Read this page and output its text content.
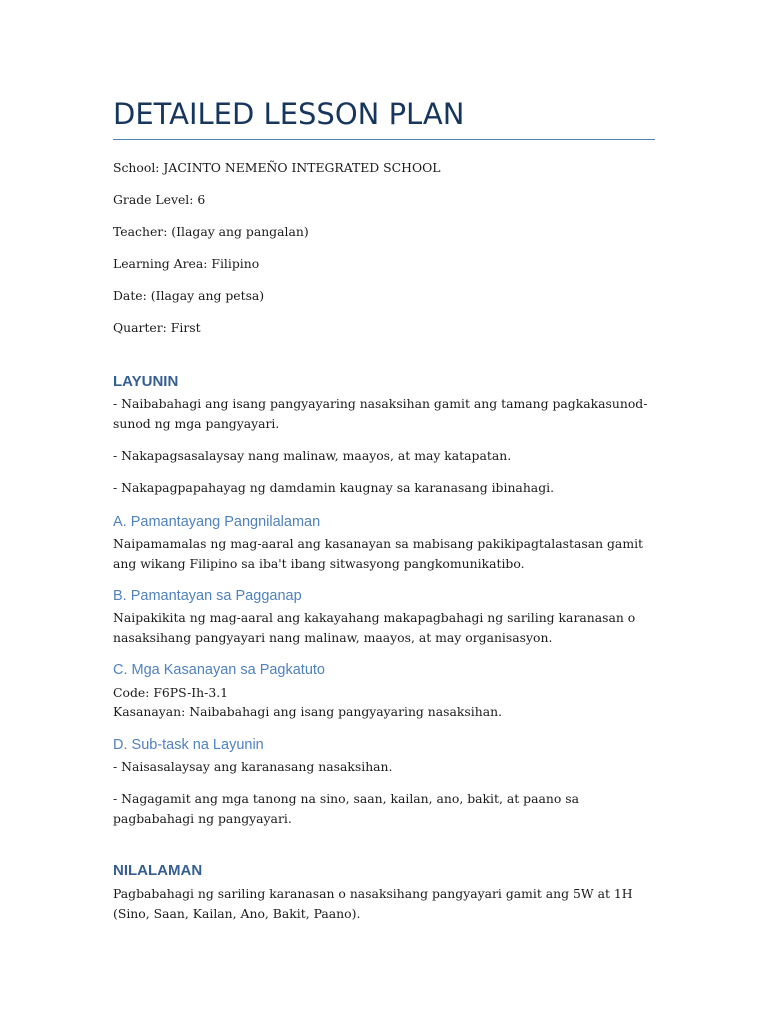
DETAILED LESSON PLAN

School: JACINTO NEMEÑO INTEGRATED SCHOOL

Grade Level: 6

Teacher: (Ilagay ang pangalan)

Learning Area: Filipino

Date: (Ilagay ang petsa)

Quarter: First

LAYUNIN

- Naibabahagi ang isang pangyayaring nasaksihan gamit ang tamang pagkakasunod-sunod ng mga pangyayari.

- Nakapagsasalaysay nang malinaw, maayos, at may katapatan.

- Nakapagpapahayag ng damdamin kaugnay sa karanasang ibinahagi.

A. Pamantayang Pangnilalaman

Naipamamalas ng mag-aaral ang kasanayan sa mabisang pakikipagtalastasan gamit ang wikang Filipino sa iba't ibang sitwasyong pangkomunikatibo.

B. Pamantayan sa Pagganap

Naipakikita ng mag-aaral ang kakayahang makapagbahagi ng sariling karanasan o nasaksihang pangyayari nang malinaw, maayos, at may organisasyon.

C. Mga Kasanayan sa Pagkatuto

Code: F6PS-Ih-3.1

Kasanayan: Naibabahagi ang isang pangyayaring nasaksihan.

D. Sub-task na Layunin

- Naisasalaysay ang karanasang nasaksihan.

- Nagagamit ang mga tanong na sino, saan, kailan, ano, bakit, at paano sa pagbabahagi ng pangyayari.

NILALAMAN

Pagbabahagi ng sariling karanasan o nasaksihang pangyayari gamit ang 5W at 1H (Sino, Saan, Kailan, Ano, Bakit, Paano).
